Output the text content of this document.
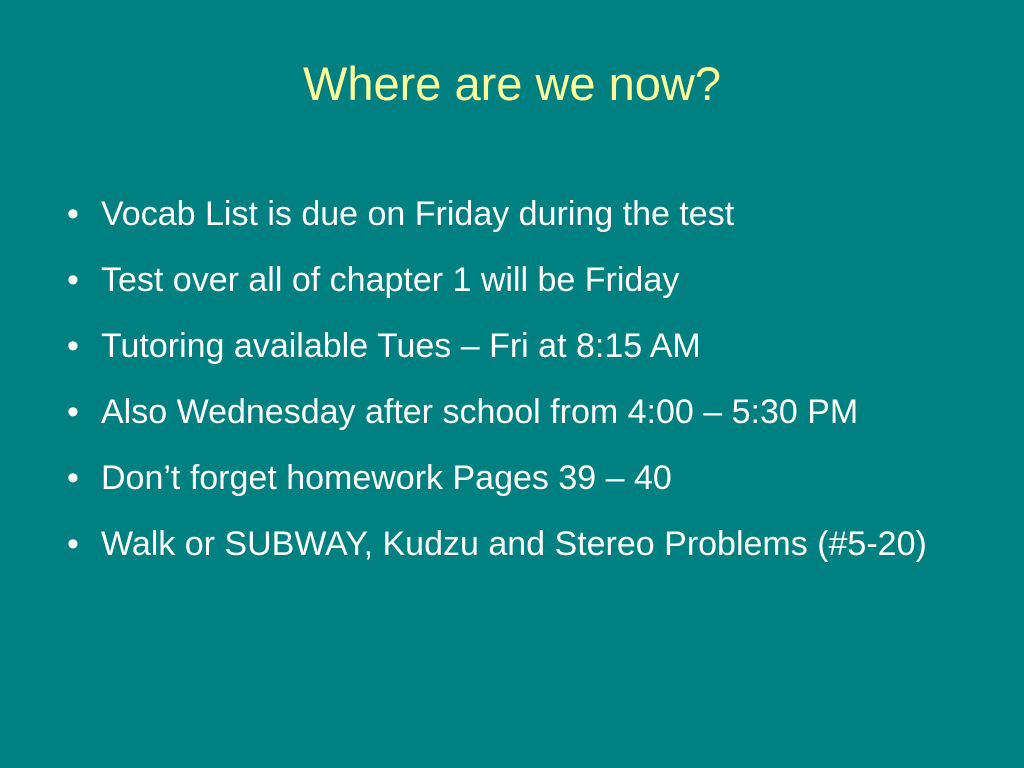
Where are we now?
• Vocab List is due on Friday during the test
• Test over all of chapter 1 will be Friday
• Tutoring available Tues – Fri at 8:15 AM
• Also Wednesday after school from 4:00 – 5:30 PM
• Don’t forget homework Pages 39 – 40
• Walk or SUBWAY, Kudzu and Stereo Problems (#5-20)
